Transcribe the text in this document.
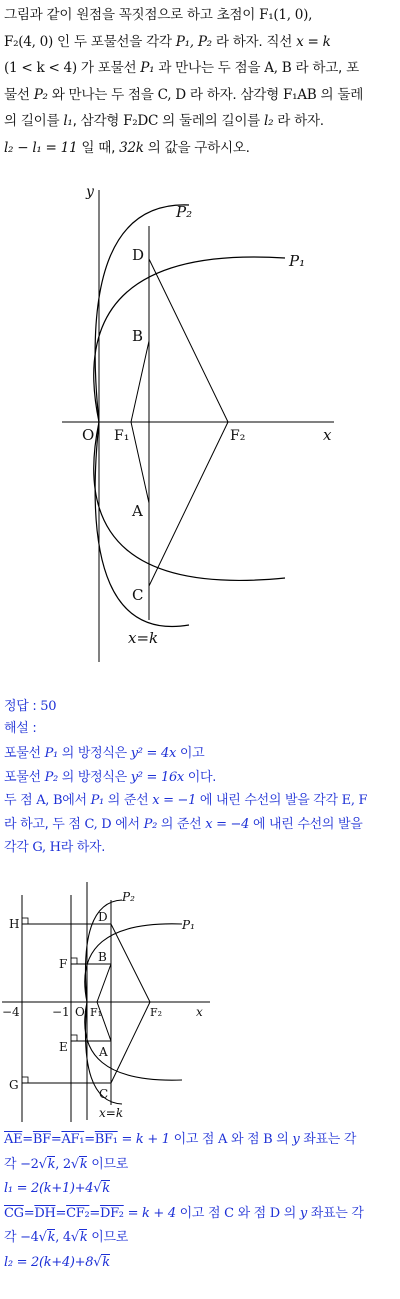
그림과 같이 원점을 꼭짓점으로 하고 초점이 F₁(1, 0),

F₂(4, 0) 인 두 포물선을 각각 P₁, P₂ 라 하자. 직선 x = k

(1 < k < 4) 가 포물선 P₁ 과 만나는 두 점을 A, B 라 하고, 포

물선 P₂ 와 만나는 두 점을 C, D 라 하자. 삼각형 F₁AB 의 둘레

의 길이를 l₁, 삼각형 F₂DC 의 둘레의 길이를 l₂ 라 하자.

l₂ − l₁ = 11 일 때, 32k 의 값을 구하시오.

y
x
O F₁	F₂
D
B
A
C
P₂
P₁
x=k

정답 : 50

해설 :

포물선 P₁ 의 방정식은 y² = 4x 이고

포물선 P₂ 의 방정식은 y² = 16x 이다.

두 점 A, B에서 P₁ 의 준선 x = −1 에 내린 수선의 발을 각각 E, F

라 하고, 두 점 C, D 에서 P₂ 의 준선 x = −4 에 내린 수선의 발을

각각 G, H라 하자.

H
F
E
G
D
B
A
C
P₂
P₁
x
−4	−1 O F₁	F₂
x=k

$\overline{AE}=\overline{BF}=AF_1=BF_1 = k + 1$ 이고 점 A 와 점 B 의 y 좌표는 각

각 −2√k, 2√k 이므로

l₁ = 2(k+1)+4√k

$\overline{CG}=\overline{DH}=CF_2=DF_2 = k + 4$ 이고 점 C 와 점 D 의 y 좌표는 각

각 −4√k, 4√k 이므로

l₂ = 2(k+4)+8√k
